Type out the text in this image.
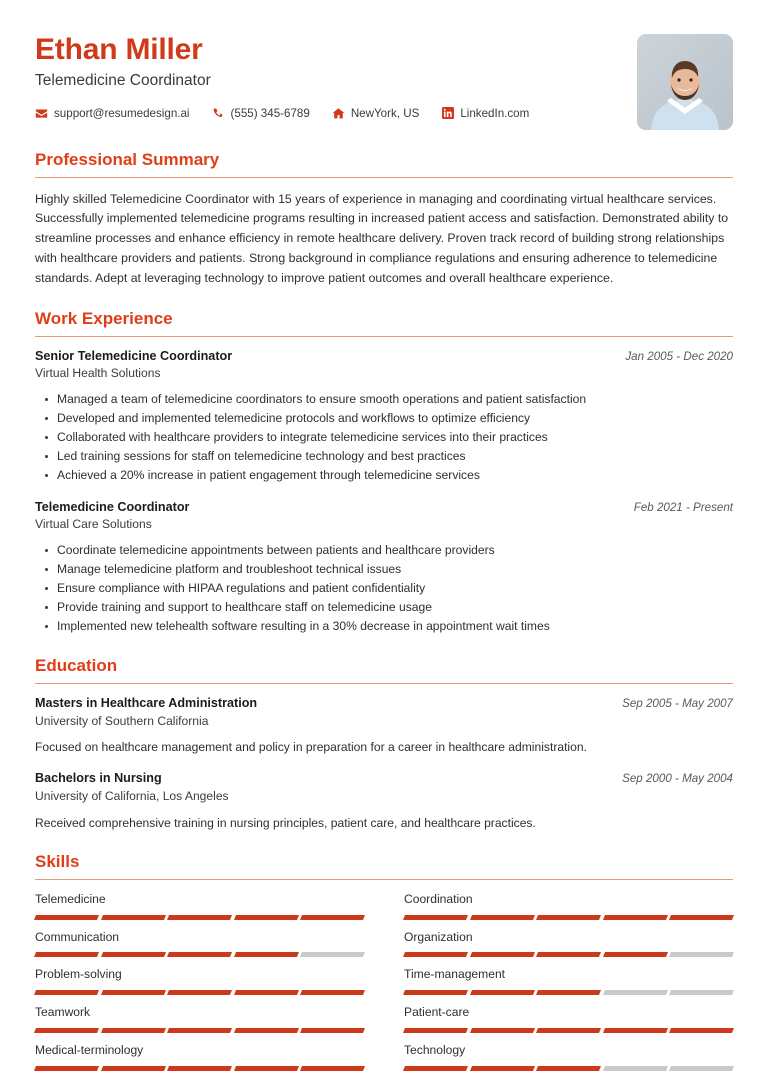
Ethan Miller
Telemedicine Coordinator
support@resumedesign.ai	(555) 345-6789	NewYork, US	LinkedIn.com
Professional Summary
Highly skilled Telemedicine Coordinator with 15 years of experience in managing and coordinating virtual healthcare services. Successfully implemented telemedicine programs resulting in increased patient access and satisfaction. Demonstrated ability to streamline processes and enhance efficiency in remote healthcare delivery. Proven track record of building strong relationships with healthcare providers and patients. Strong background in compliance regulations and ensuring adherence to telemedicine standards. Adept at leveraging technology to improve patient outcomes and overall healthcare experience.
Work Experience
Senior Telemedicine Coordinator	Jan 2005 - Dec 2020
Virtual Health Solutions
Managed a team of telemedicine coordinators to ensure smooth operations and patient satisfaction
Developed and implemented telemedicine protocols and workflows to optimize efficiency
Collaborated with healthcare providers to integrate telemedicine services into their practices
Led training sessions for staff on telemedicine technology and best practices
Achieved a 20% increase in patient engagement through telemedicine services
Telemedicine Coordinator	Feb 2021 - Present
Virtual Care Solutions
Coordinate telemedicine appointments between patients and healthcare providers
Manage telemedicine platform and troubleshoot technical issues
Ensure compliance with HIPAA regulations and patient confidentiality
Provide training and support to healthcare staff on telemedicine usage
Implemented new telehealth software resulting in a 30% decrease in appointment wait times
Education
Masters in Healthcare Administration	Sep 2005 - May 2007
University of Southern California
Focused on healthcare management and policy in preparation for a career in healthcare administration.
Bachelors in Nursing	Sep 2000 - May 2004
University of California, Los Angeles
Received comprehensive training in nursing principles, patient care, and healthcare practices.
Skills
Telemedicine	Coordination
Communication	Organization
Problem-solving	Time-management
Teamwork	Patient-care
Medical-terminology	Technology
